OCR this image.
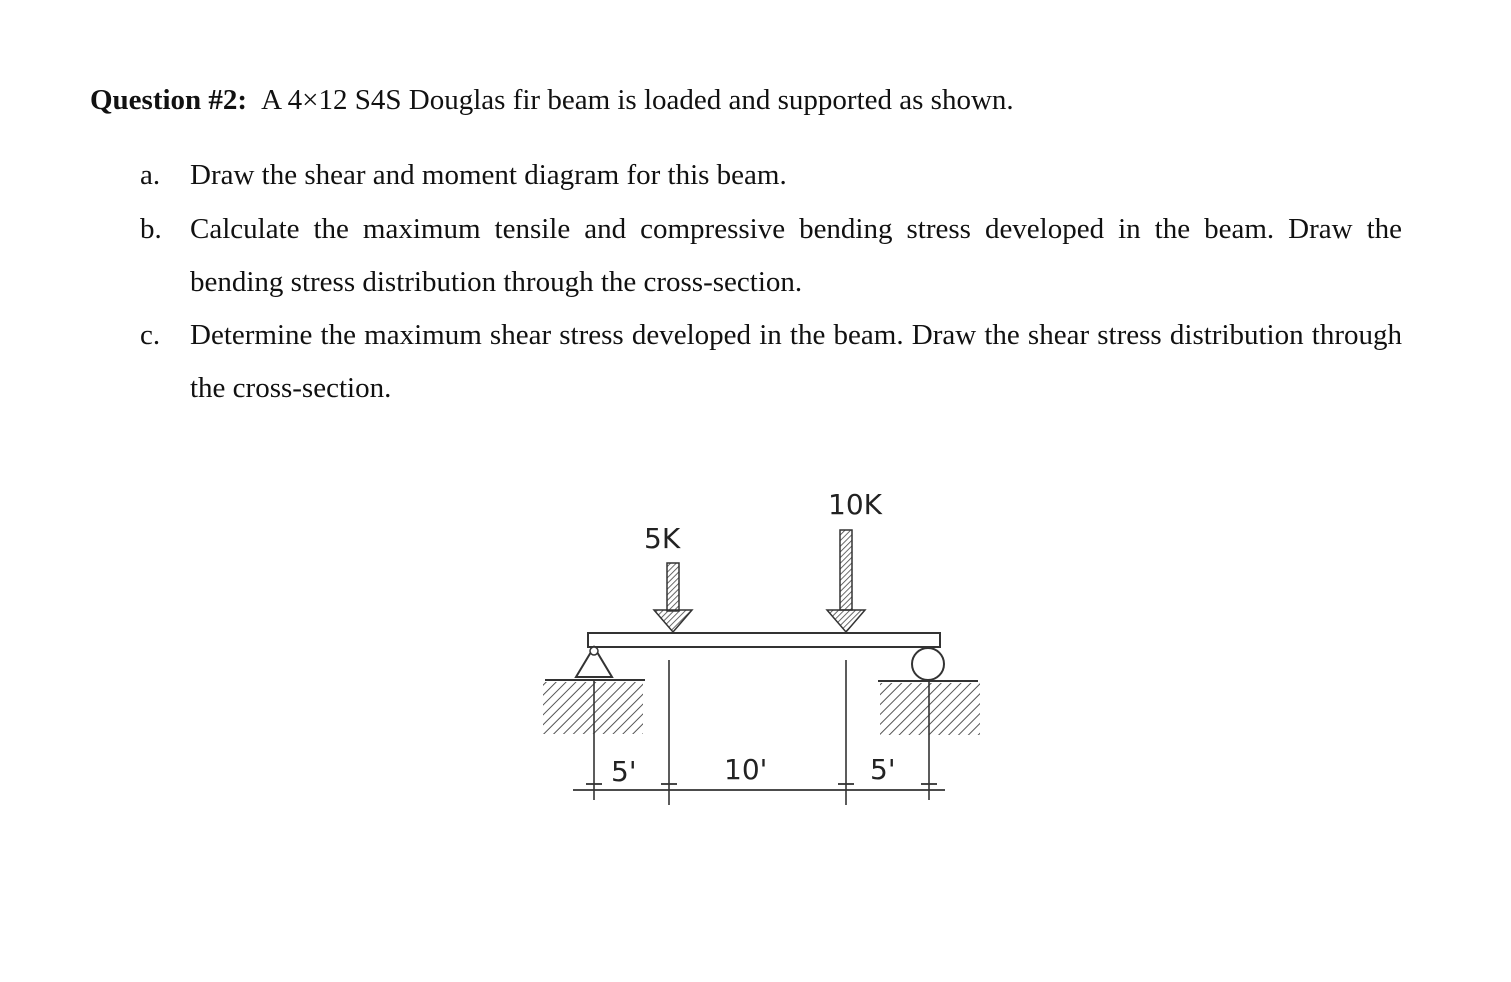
Question #2: A 4×12 S4S Douglas fir beam is loaded and supported as shown.
a. Draw the shear and moment diagram for this beam.
b. Calculate the maximum tensile and compressive bending stress developed in the beam. Draw the bending stress distribution through the cross-section.
c. Determine the maximum shear stress developed in the beam. Draw the shear stress distribution through the cross-section.
5K
10K
5'	10'	5'
